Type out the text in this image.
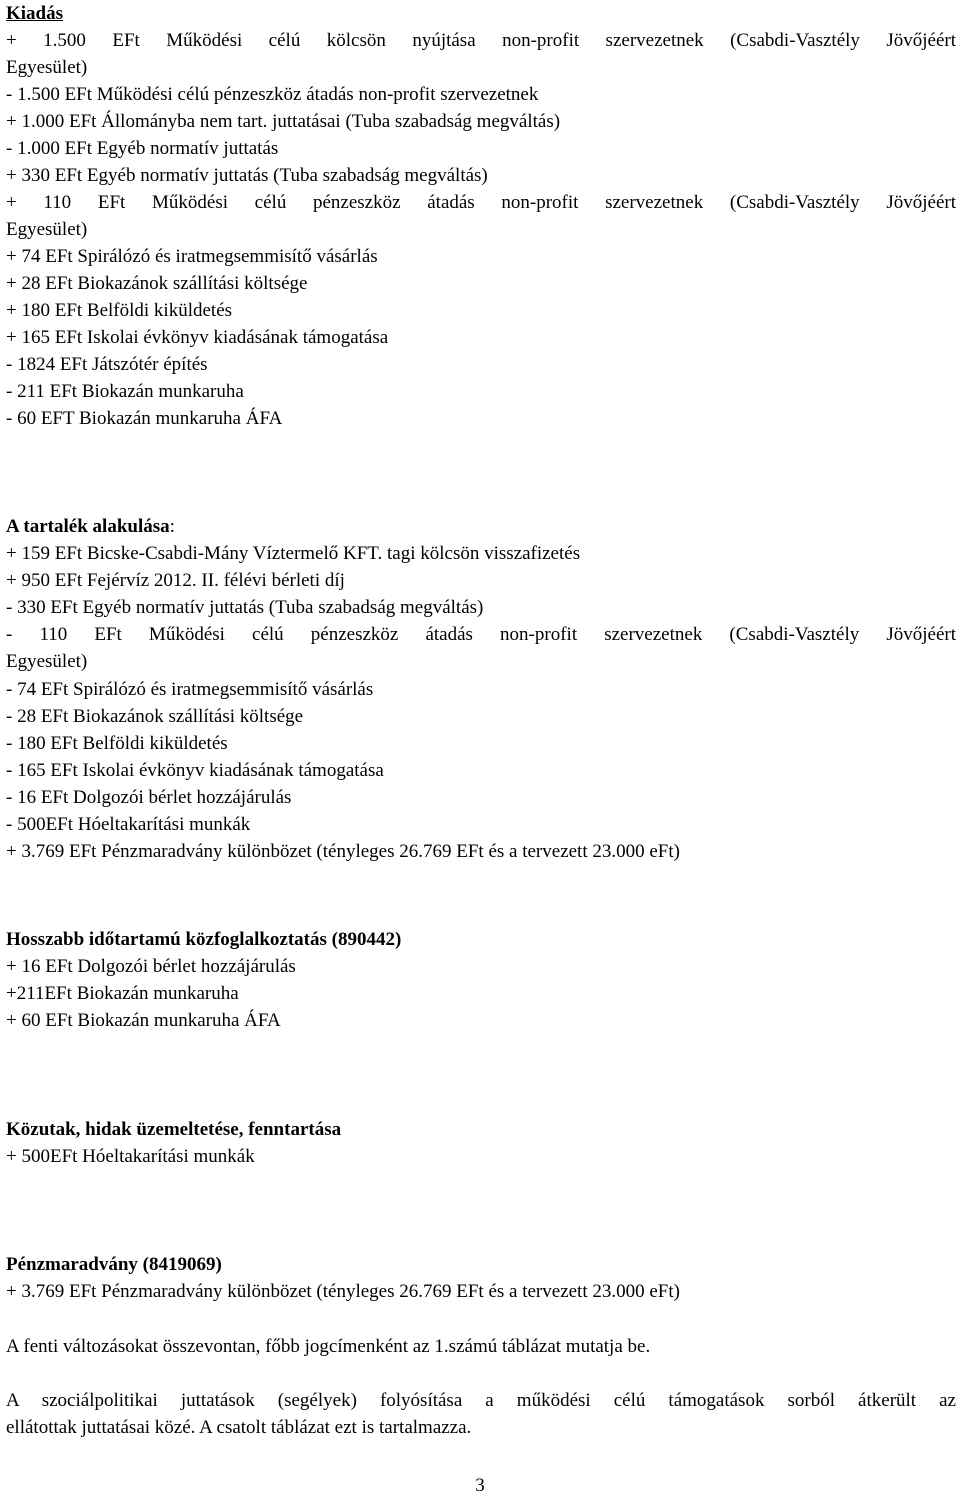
Kiadás
+ 1.500 EFt Működési célú kölcsön nyújtása non-profit szervezetnek (Csabdi-Vasztély Jövőjéért
Egyesület)
- 1.500 EFt Működési célú pénzeszköz átadás non-profit szervezetnek
+ 1.000 EFt Állományba nem tart. juttatásai (Tuba szabadság megváltás)
- 1.000 EFt Egyéb normatív juttatás
+ 330 EFt Egyéb normatív juttatás (Tuba szabadság megváltás)
+ 110 EFt Működési célú pénzeszköz átadás non-profit szervezetnek (Csabdi-Vasztély Jövőjéért
Egyesület)
+ 74 EFt Spirálózó és iratmegsemmisítő vásárlás
+ 28 EFt Biokazánok szállítási költsége
+ 180 EFt Belföldi kiküldetés
+ 165 EFt Iskolai évkönyv kiadásának támogatása
- 1824 EFt Játszótér építés
- 211 EFt Biokazán munkaruha
- 60 EFT Biokazán munkaruha ÁFA
A tartalék alakulása:
+ 159 EFt Bicske-Csabdi-Mány Víztermelő KFT. tagi kölcsön visszafizetés
+ 950 EFt Fejérvíz 2012. II. félévi bérleti díj
- 330 EFt Egyéb normatív juttatás (Tuba szabadság megváltás)
- 110 EFt Működési célú pénzeszköz átadás non-profit szervezetnek (Csabdi-Vasztély Jövőjéért
Egyesület)
- 74 EFt Spirálózó és iratmegsemmisítő vásárlás
- 28 EFt Biokazánok szállítási költsége
- 180 EFt Belföldi kiküldetés
- 165 EFt Iskolai évkönyv kiadásának támogatása
- 16 EFt Dolgozói bérlet hozzájárulás
- 500EFt Hóeltakarítási munkák
+ 3.769 EFt Pénzmaradvány különbözet (tényleges 26.769 EFt és a tervezett 23.000 eFt)
Hosszabb időtartamú közfoglalkoztatás (890442)
+ 16 EFt Dolgozói bérlet hozzájárulás
+211EFt Biokazán munkaruha
+ 60 EFt Biokazán munkaruha ÁFA
Közutak, hidak üzemeltetése, fenntartása
+ 500EFt Hóeltakarítási munkák
Pénzmaradvány (8419069)
+ 3.769 EFt Pénzmaradvány különbözet (tényleges 26.769 EFt és a tervezett 23.000 eFt)
A fenti változásokat összevontan, főbb jogcímenként az 1.számú táblázat mutatja be.
A szociálpolitikai juttatások (segélyek) folyósítása a működési célú támogatások sorból átkerült az
ellátottak juttatásai közé. A csatolt táblázat ezt is tartalmazza.
3
